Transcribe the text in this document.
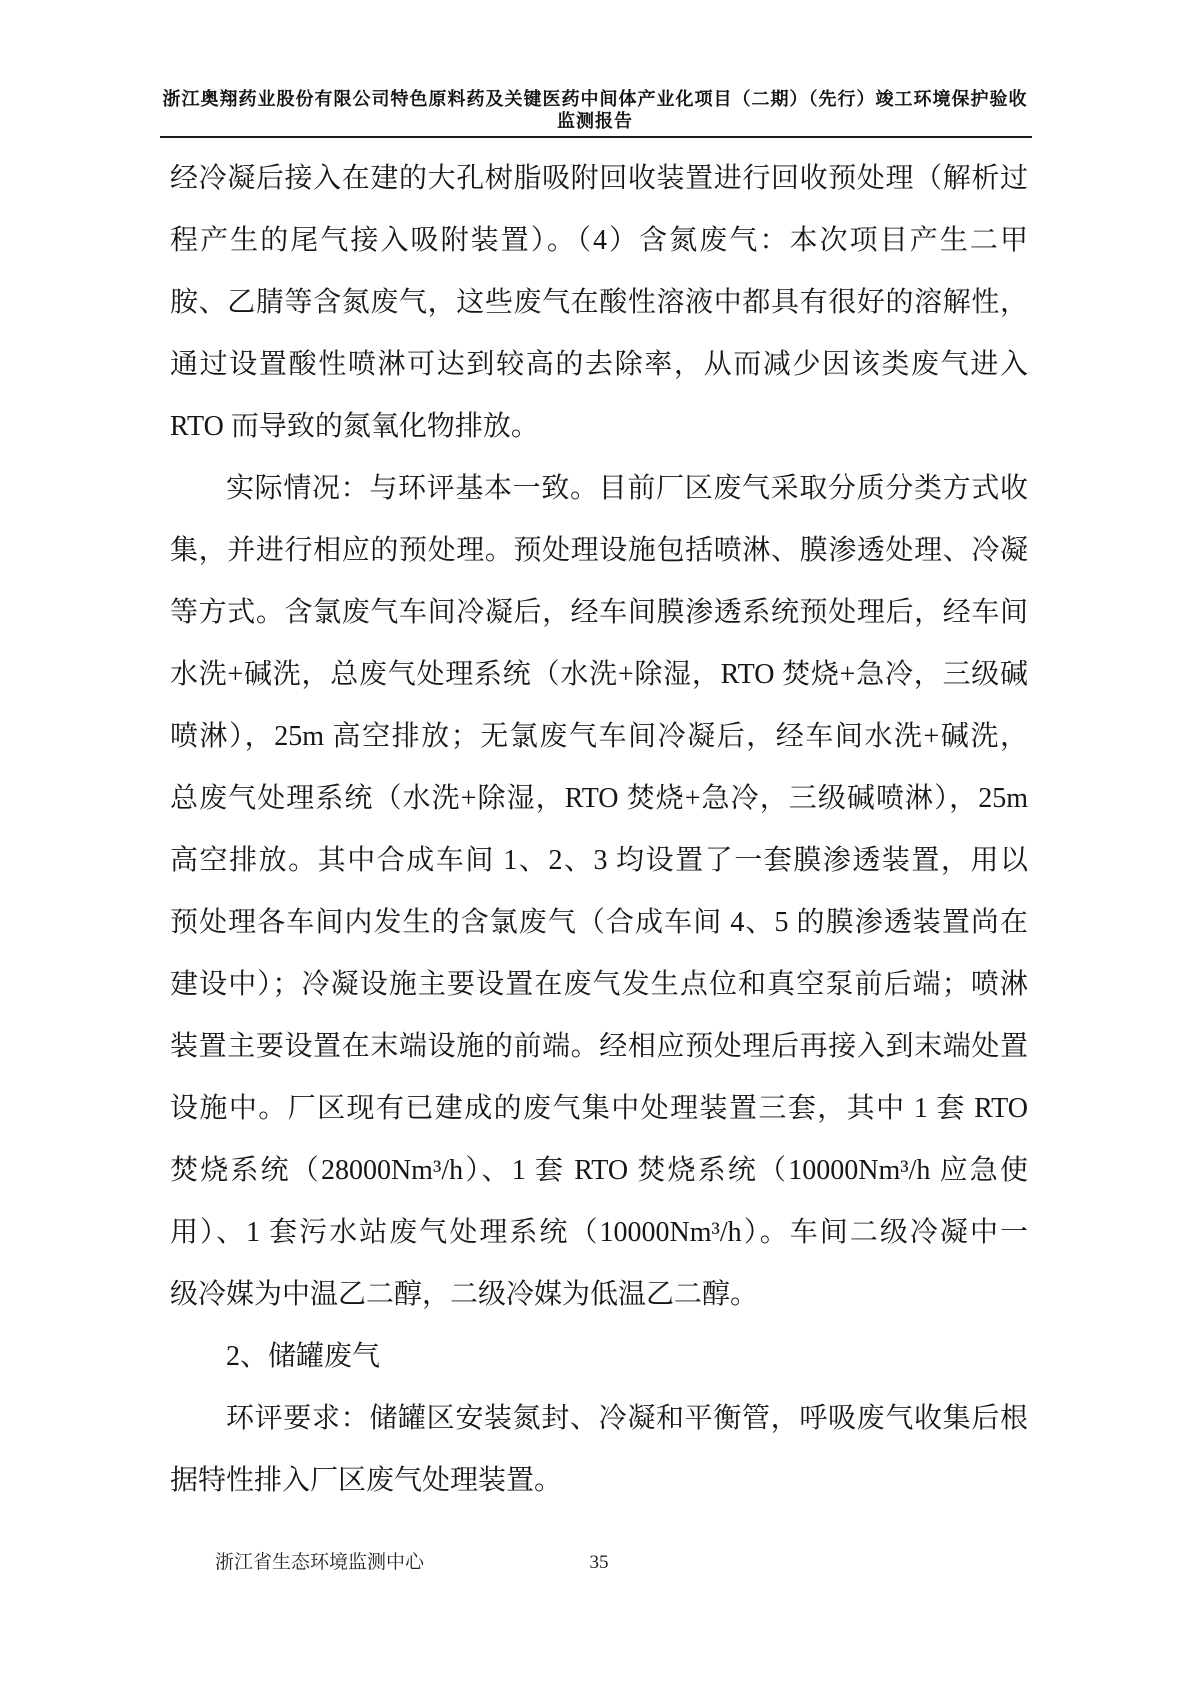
浙江奥翔药业股份有限公司特色原料药及关键医药中间体产业化项目（二期）（先行）竣工环境保护验收
监测报告
经冷凝后接入在建的大孔树脂吸附回收装置进行回收预处理（解析过
程产生的尾气接入吸附装置）。（4）含氮废气：本次项目产生二甲
胺、乙腈等含氮废气，这些废气在酸性溶液中都具有很好的溶解性，
通过设置酸性喷淋可达到较高的去除率，从而减少因该类废气进入
RTO 而导致的氮氧化物排放。
实际情况：与环评基本一致。目前厂区废气采取分质分类方式收
集，并进行相应的预处理。预处理设施包括喷淋、膜渗透处理、冷凝
等方式。含氯废气车间冷凝后，经车间膜渗透系统预处理后，经车间
水洗+碱洗，总废气处理系统（水洗+除湿，RTO 焚烧+急冷，三级碱
喷淋），25m 高空排放；无氯废气车间冷凝后，经车间水洗+碱洗，
总废气处理系统（水洗+除湿，RTO 焚烧+急冷，三级碱喷淋），25m
高空排放。其中合成车间 1、2、3 均设置了一套膜渗透装置，用以
预处理各车间内发生的含氯废气（合成车间 4、5 的膜渗透装置尚在
建设中）；冷凝设施主要设置在废气发生点位和真空泵前后端；喷淋
装置主要设置在末端设施的前端。经相应预处理后再接入到末端处置
设施中。厂区现有已建成的废气集中处理装置三套，其中 1 套 RTO
焚烧系统（28000Nm³/h）、1 套 RTO 焚烧系统（10000Nm³/h 应急使
用）、1 套污水站废气处理系统（10000Nm³/h）。车间二级冷凝中一
级冷媒为中温乙二醇，二级冷媒为低温乙二醇。
2、储罐废气
环评要求：储罐区安装氮封、冷凝和平衡管，呼吸废气收集后根
据特性排入厂区废气处理装置。
浙江省生态环境监测中心	35
